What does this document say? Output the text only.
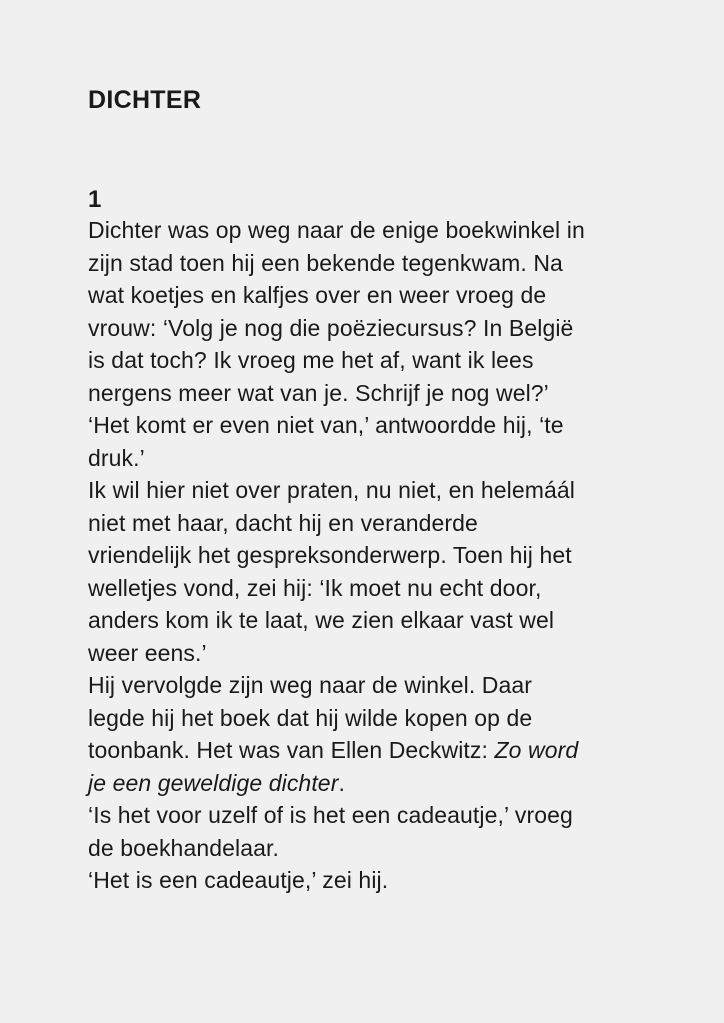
DICHTER
1
Dichter was op weg naar de enige boekwinkel in
zijn stad toen hij een bekende tegenkwam. Na
wat koetjes en kalfjes over en weer vroeg de
vrouw: ‘Volg je nog die poëziecursus? In België
is dat toch? Ik vroeg me het af, want ik lees
nergens meer wat van je. Schrijf je nog wel?’
‘Het komt er even niet van,’ antwoordde hij, ‘te
druk.’
Ik wil hier niet over praten, nu niet, en helemáál
niet met haar, dacht hij en veranderde
vriendelijk het gespreksonderwerp. Toen hij het
welletjes vond, zei hij: ‘Ik moet nu echt door,
anders kom ik te laat, we zien elkaar vast wel
weer eens.’
Hij vervolgde zijn weg naar de winkel. Daar
legde hij het boek dat hij wilde kopen op de
toonbank. Het was van Ellen Deckwitz: Zo word
je een geweldige dichter.
‘Is het voor uzelf of is het een cadeautje,’ vroeg
de boekhandelaar.
‘Het is een cadeautje,’ zei hij.
